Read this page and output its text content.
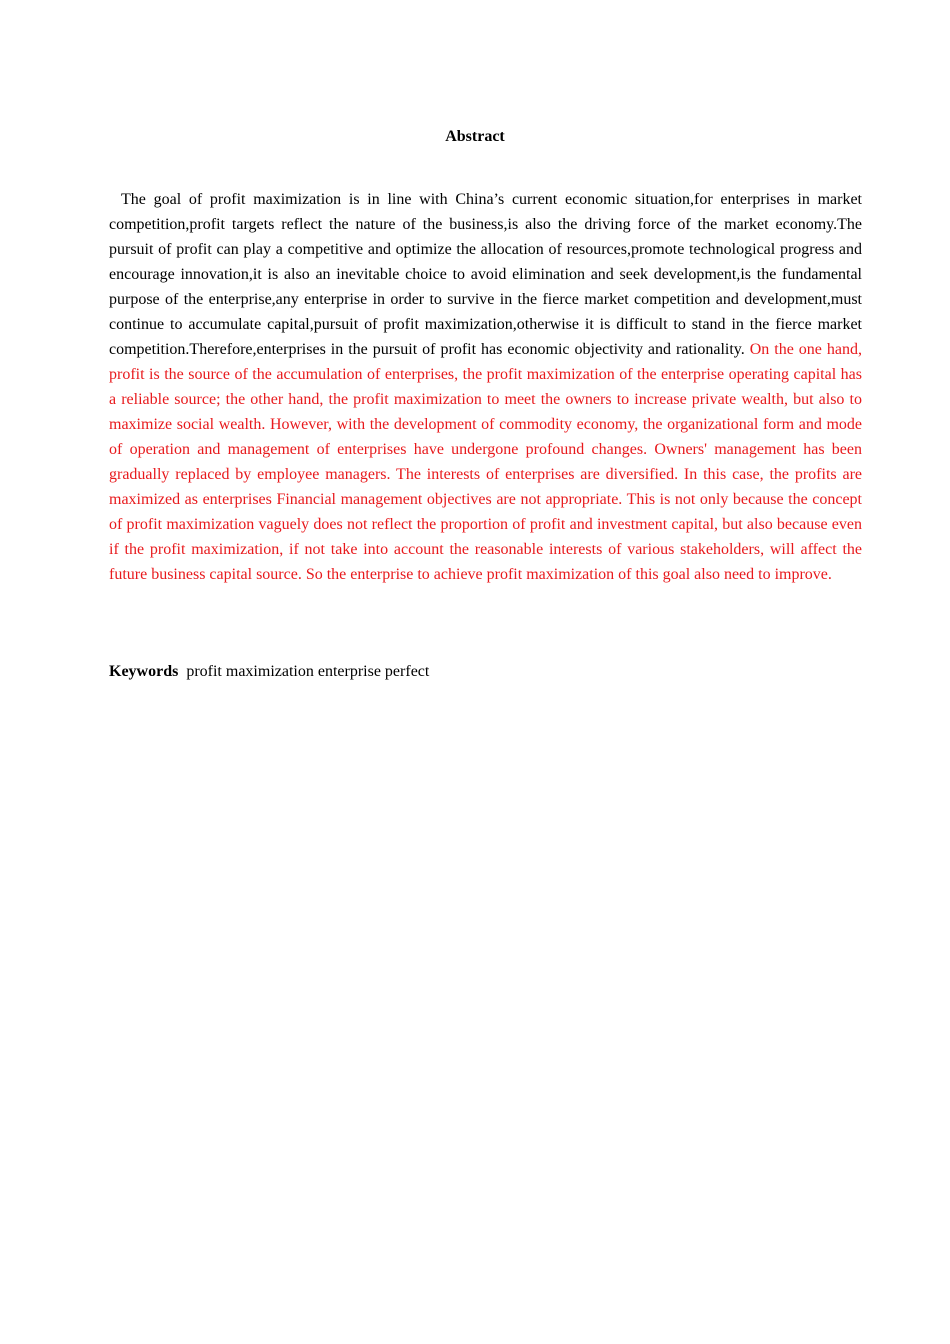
Abstract

The goal of profit maximization is in line with China’s current economic situation,for enterprises in market competition,profit targets reflect the nature of the business,is also the driving force of the market economy.The pursuit of profit can play a competitive and optimize the allocation of resources,promote technological progress and encourage innovation,it is also an inevitable choice to avoid elimination and seek development,is the fundamental purpose of the enterprise,any enterprise in order to survive in the fierce market competition and development,must continue to accumulate capital,pursuit of profit maximization,otherwise it is difficult to stand in the fierce market competition.Therefore,enterprises in the pursuit of profit has economic objectivity and rationality. On the one hand, profit is the source of the accumulation of enterprises, the profit maximization of the enterprise operating capital has a reliable source; the other hand, the profit maximization to meet the owners to increase private wealth, but also to maximize social wealth. However, with the development of commodity economy, the organizational form and mode of operation and management of enterprises have undergone profound changes. Owners' management has been gradually replaced by employee managers. The interests of enterprises are diversified. In this case, the profits are maximized as enterprises Financial management objectives are not appropriate. This is not only because the concept of profit maximization vaguely does not reflect the proportion of profit and investment capital, but also because even if the profit maximization, if not take into account the reasonable interests of various stakeholders, will affect the future business capital source. So the enterprise to achieve profit maximization of this goal also need to improve.

Keywords profit maximization enterprise perfect
